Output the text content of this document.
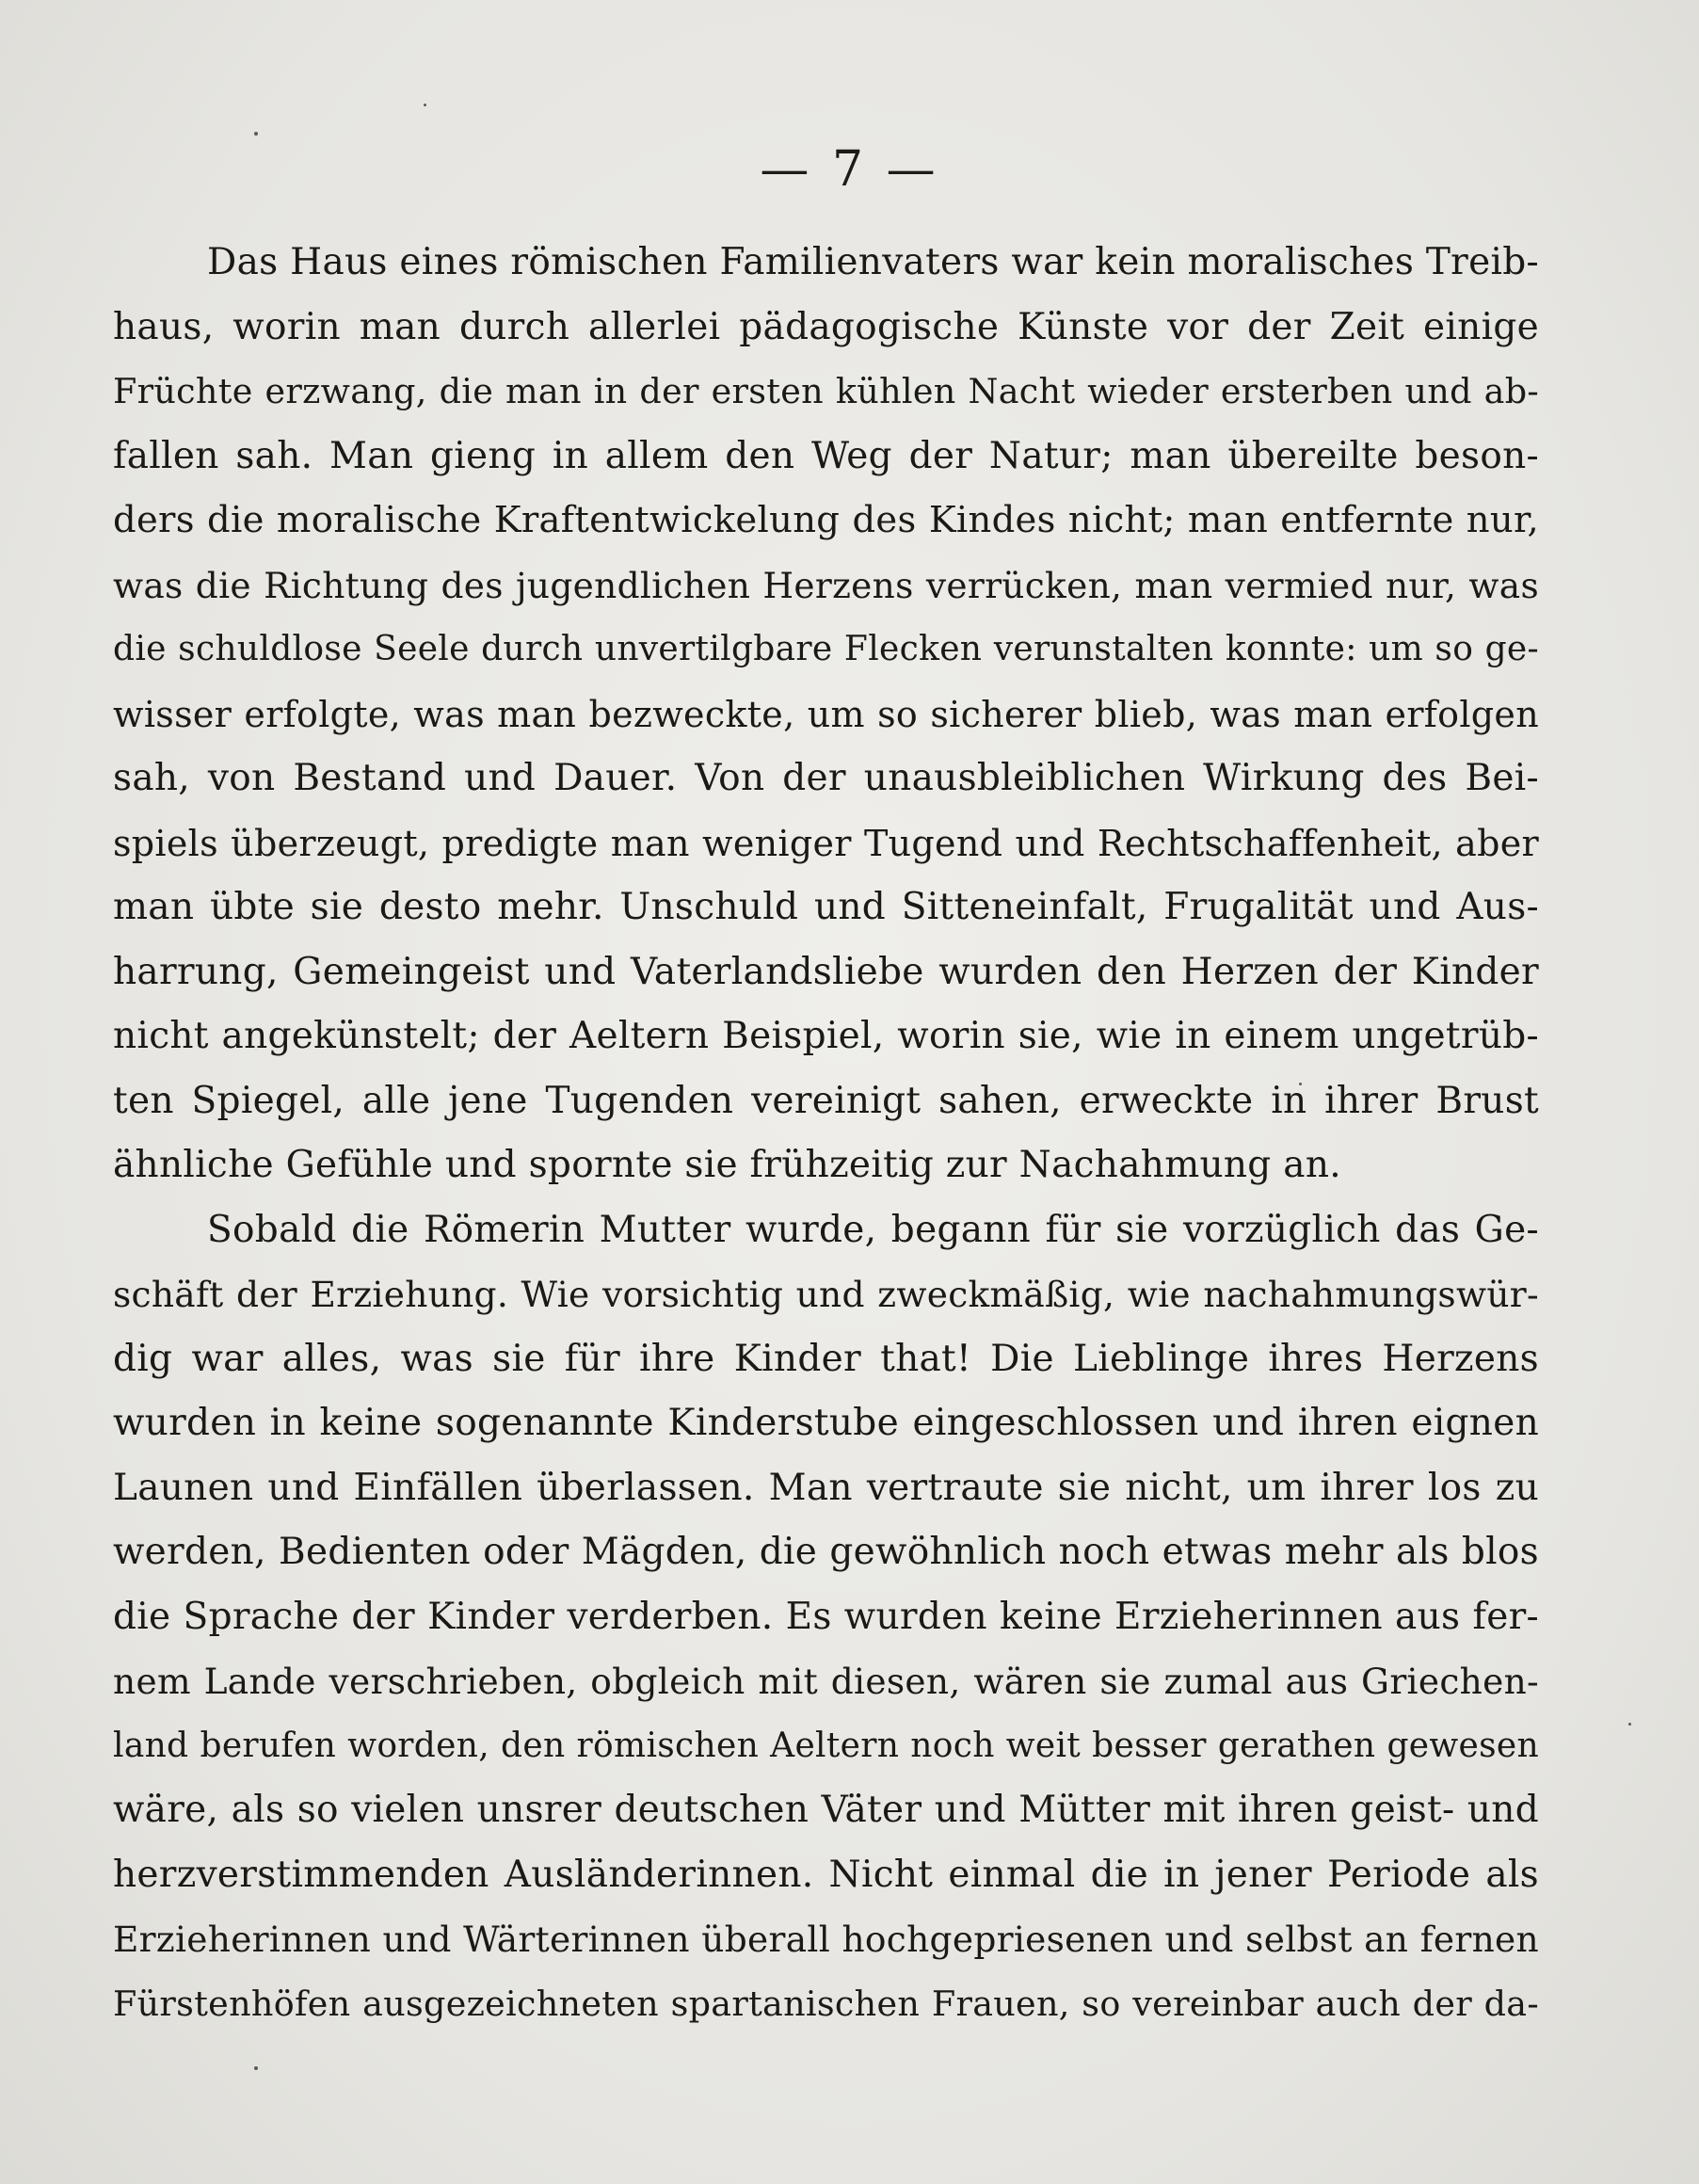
— 7 —
Das Haus eines römischen Familienvaters war kein moralisches Treib-
haus, worin man durch allerlei pädagogische Künste vor der Zeit einige
Früchte erzwang, die man in der ersten kühlen Nacht wieder ersterben und ab-
fallen sah. Man gieng in allem den Weg der Natur; man übereilte beson-
ders die moralische Kraftentwickelung des Kindes nicht; man entfernte nur,
was die Richtung des jugendlichen Herzens verrücken, man vermied nur, was
die schuldlose Seele durch unvertilgbare Flecken verunstalten konnte: um so ge-
wisser erfolgte, was man bezweckte, um so sicherer blieb, was man erfolgen
sah, von Bestand und Dauer. Von der unausbleiblichen Wirkung des Bei-
spiels überzeugt, predigte man weniger Tugend und Rechtschaffenheit, aber
man übte sie desto mehr. Unschuld und Sitteneinfalt, Frugalität und Aus-
harrung, Gemeingeist und Vaterlandsliebe wurden den Herzen der Kinder
nicht angekünstelt; der Aeltern Beispiel, worin sie, wie in einem ungetrüb-
ten Spiegel, alle jene Tugenden vereinigt sahen, erweckte in ihrer Brust
ähnliche Gefühle und spornte sie frühzeitig zur Nachahmung an.
Sobald die Römerin Mutter wurde, begann für sie vorzüglich das Ge-
schäft der Erziehung. Wie vorsichtig und zweckmäßig, wie nachahmungswür-
dig war alles, was sie für ihre Kinder that! Die Lieblinge ihres Herzens
wurden in keine sogenannte Kinderstube eingeschlossen und ihren eignen
Launen und Einfällen überlassen. Man vertraute sie nicht, um ihrer los zu
werden, Bedienten oder Mägden, die gewöhnlich noch etwas mehr als blos
die Sprache der Kinder verderben. Es wurden keine Erzieherinnen aus fer-
nem Lande verschrieben, obgleich mit diesen, wären sie zumal aus Griechen-
land berufen worden, den römischen Aeltern noch weit besser gerathen gewesen
wäre, als so vielen unsrer deutschen Väter und Mütter mit ihren geist- und
herzverstimmenden Ausländerinnen. Nicht einmal die in jener Periode als
Erzieherinnen und Wärterinnen überall hochgepriesenen und selbst an fernen
Fürstenhöfen ausgezeichneten spartanischen Frauen, so vereinbar auch der da-
